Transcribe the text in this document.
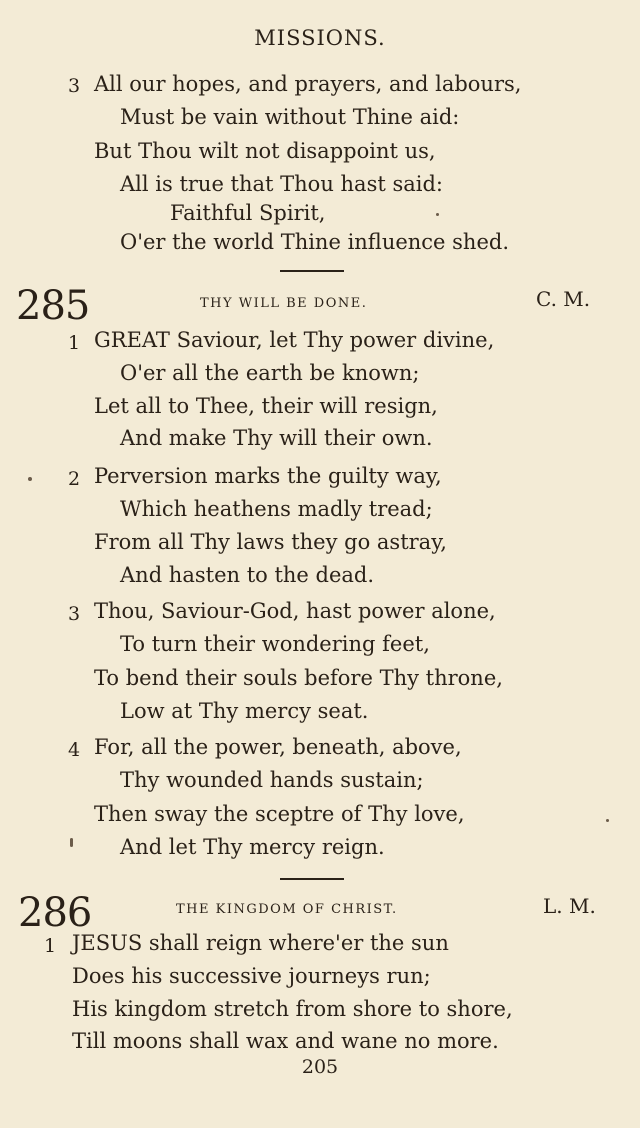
MISSIONS.
3 All our hopes, and prayers, and labours,
Must be vain without Thine aid:
But Thou wilt not disappoint us,
All is true that Thou hast said:
Faithful Spirit,
O'er the world Thine influence shed.
285	THY WILL BE DONE.	C. M.
1 GREAT Saviour, let Thy power divine,
O'er all the earth be known;
Let all to Thee, their will resign,
And make Thy will their own.
2 Perversion marks the guilty way,
Which heathens madly tread;
From all Thy laws they go astray,
And hasten to the dead.
3 Thou, Saviour-God, hast power alone,
To turn their wondering feet,
To bend their souls before Thy throne,
Low at Thy mercy seat.
4 For, all the power, beneath, above,
Thy wounded hands sustain;
Then sway the sceptre of Thy love,
And let Thy mercy reign.
286	THE KINGDOM OF CHRIST.	L. M.
1 JESUS shall reign where'er the sun
Does his successive journeys run;
His kingdom stretch from shore to shore,
Till moons shall wax and wane no more.
205
